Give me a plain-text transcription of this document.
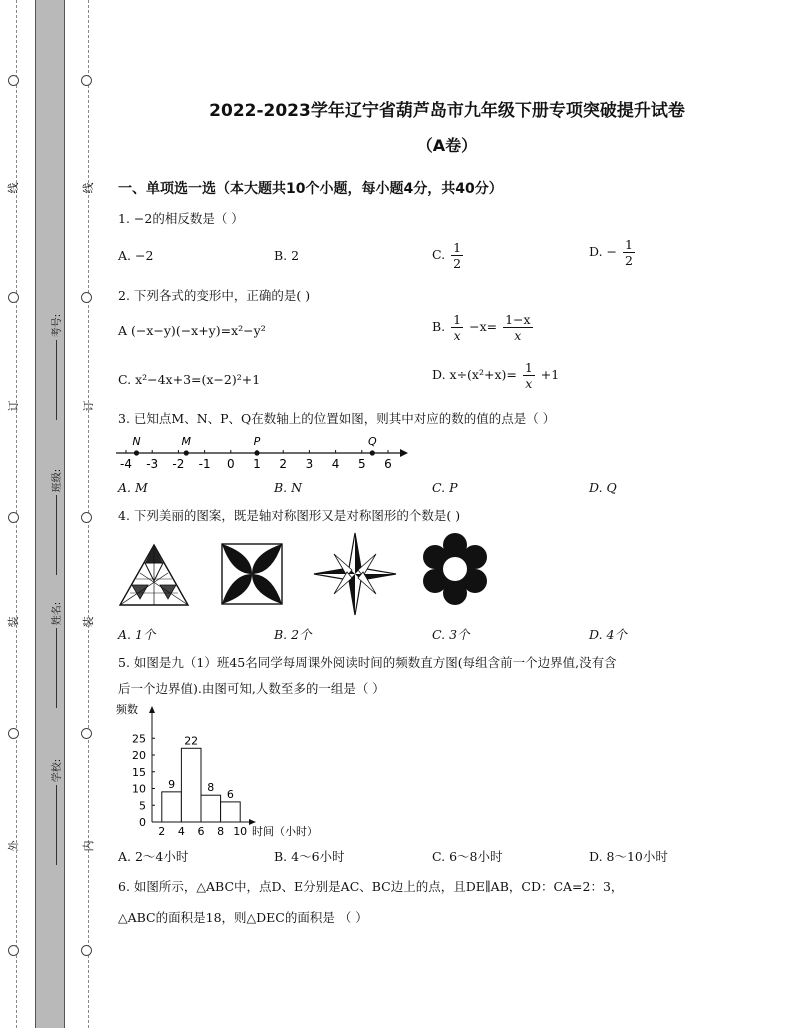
线
订
装
外
线
订
装
内
考号:
班级:
姓名:
学校:
2022-2023学年辽宁省葫芦岛市九年级下册专项突破提升试卷
（A卷）
一、单项选一选（本大题共10个小题，每小题4分，共40分）
1. −2的相反数是（ ）
A. −2	B. 2	C. $\frac{1}{2}$	D. − $\frac{1}{2}$
2. 下列各式的变形中，正确的是( )
A (−x−y)(−x+y)=x²−y²	B. $\frac{1}{x} -x= \frac{1-x}{x}$
C. x²−4x+3=(x−2)²+1	D. $x\div(x^2+x)= \frac{1}{x} +1$
3. 已知点M、N、P、Q在数轴上的位置如图，则其中对应的数的值的点是（ ）
-4 -3 -2 -1 0 1 2 3 4 5 6
N	M	P	Q
A. M	B. N	C. P	D. Q
4. 下列美丽的图案，既是轴对称图形又是对称图形的个数是( )
A. 1个	B. 2个	C. 3个	D. 4个
5. 如图是九（1）班45名同学每周课外阅读时间的频数直方图(每组含前一个边界值,没有含
后一个边界值).由图可知,人数至多的一组是（ ）
频数
时间（小时）
0
5
10
15
20
25
2 4 6 8 10
9
22
8
6
A. 2～4小时	B. 4～6小时	C. 6～8小时	D. 8～10小时
6. 如图所示，△ABC中，点D、E分别是AC、BC边上的点，且DE∥AB，CD：CA=2：3，
△ABC的面积是18，则△DEC的面积是 （ ）
